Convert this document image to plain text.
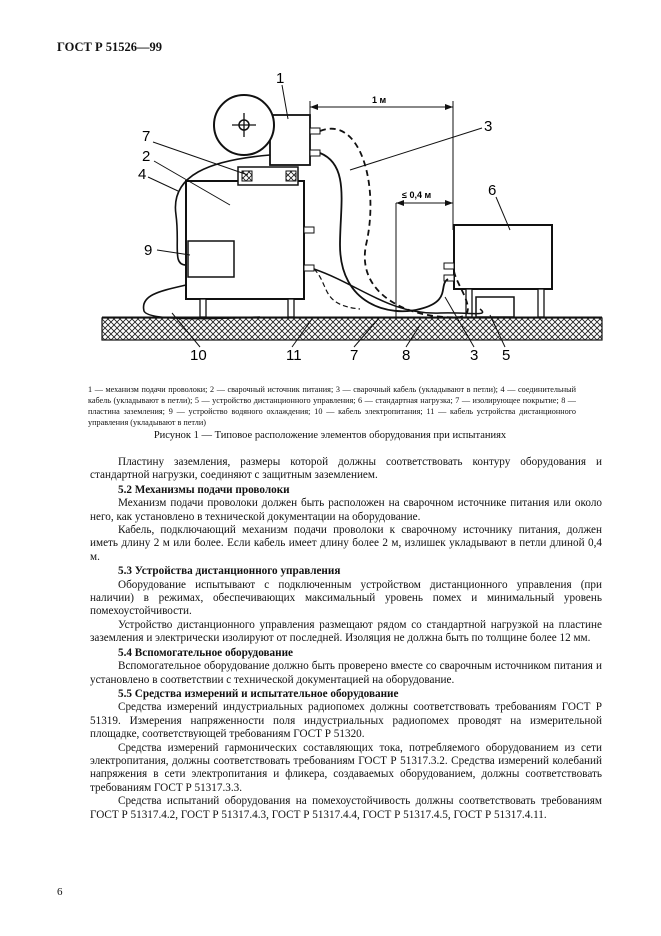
ГОСТ Р 51526—99
1 м
≤ 0,4 м
1
3
7
2
4
6
9
10	11	7	8	3 5
1 — механизм подачи проволоки; 2 — сварочный источник питания; 3 — сварочный кабель (укладывают в петли); 4 — соединительный кабель (укладывают в петли); 5 — устройство дистанционного управления; 6 — стандартная нагрузка; 7 — изолирующее покрытие; 8 — пластина заземления; 9 — устройство водяного охлаждения; 10 — кабель электропитания; 11 — кабель устройства дистанционного управления (укладывают в петли)
Рисунок 1 — Типовое расположение элементов оборудования при испытаниях

Пластину заземления, размеры которой должны соответствовать контуру оборудования и стандартной нагрузки, соединяют с защитным заземлением.

5.2 Механизмы подачи проволоки

Механизм подачи проволоки должен быть расположен на сварочном источнике питания или около него, как установлено в технической документации на оборудование.

Кабель, подключающий механизм подачи проволоки к сварочному источнику питания, должен иметь длину 2 м или более. Если кабель имеет длину более 2 м, излишек укладывают в петли длиной 0,4 м.

5.3 Устройства дистанционного управления

Оборудование испытывают с подключенным устройством дистанционного управления (при наличии) в режимах, обеспечивающих максимальный уровень помех и минимальный уровень помехоустойчивости.

Устройство дистанционного управления размещают рядом со стандартной нагрузкой на пластине заземления и электрически изолируют от последней. Изоляция не должна быть по толщине более 12 мм.

5.4 Вспомогательное оборудование

Вспомогательное оборудование должно быть проверено вместе со сварочным источником питания и установлено в соответствии с технической документацией на оборудование.

5.5 Средства измерений и испытательное оборудование

Средства измерений индустриальных радиопомех должны соответствовать требованиям ГОСТ Р 51319. Измерения напряженности поля индустриальных радиопомех проводят на измерительной площадке, соответствующей требованиям ГОСТ Р 51320.

Средства измерений гармонических составляющих тока, потребляемого оборудованием из сети электропитания, должны соответствовать требованиям ГОСТ Р 51317.3.2. Средства измерений колебаний напряжения в сети электропитания и фликера, создаваемых оборудованием, должны соответствовать требованиям ГОСТ Р 51317.3.3.

Средства испытаний оборудования на помехоустойчивость должны соответствовать требованиям ГОСТ Р 51317.4.2, ГОСТ Р 51317.4.3, ГОСТ Р 51317.4.4, ГОСТ Р 51317.4.5, ГОСТ Р 51317.4.11.

6
